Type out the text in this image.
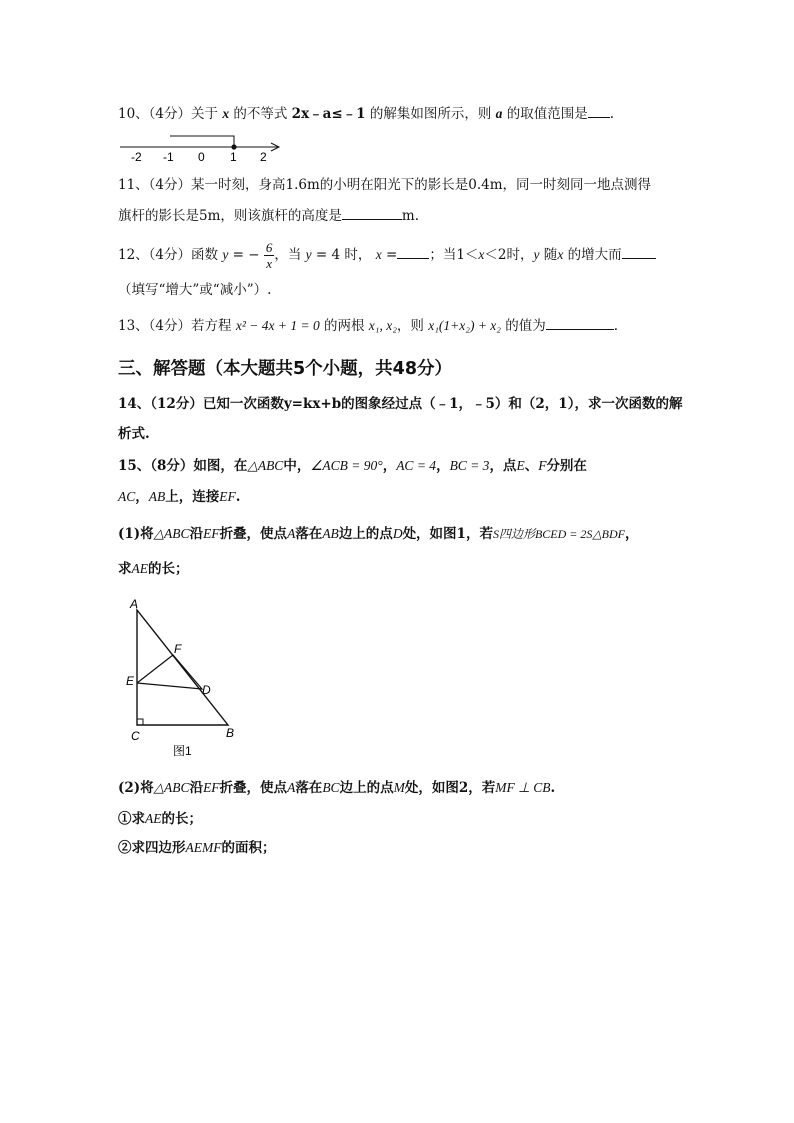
10、（4分）关于 x 的不等式 2x﹣a≤﹣1 的解集如图所示，则 a 的取值范围是 .
-2 -1 0 1 2
11、（4分）某一时刻，身高1.6m的小明在阳光下的影长是0.4m，同一时刻同一地点测得
旗杆的影长是5m，则该旗杆的高度是	m.
12、（4分）函数 y = − $\frac{6}{x}$ ，当 y = 4 时， x = ；当1＜x＜2时，y 随x 的增大而
（填写“增大”或“减小”）.
13、（4分）若方程 x² − 4x + 1 = 0 的两根 x₁, x₂，则 x₁(1+x₂) + x₂ 的值为	.
三、解答题（本大题共5个小题，共48分）
14、（12分）已知一次函数y=kx+b的图象经过点（﹣1，﹣5）和（2，1），求一次函数的解
析式.
15、（8分）如图，在△ABC中，∠ACB = 90°，AC = 4，BC = 3，点E、F分别在
AC，AB上，连接EF.
(1)将△ABC沿EF折叠，使点A落在AB边上的点D处，如图1，若S四边形BCED = 2S△BDF，
求AE的长；
A
F
E
D
C	B
图1
(2)将△ABC沿EF折叠，使点A落在BC边上的点M处，如图2，若MF ⊥ CB.
①求AE的长；
②求四边形AEMF的面积；
